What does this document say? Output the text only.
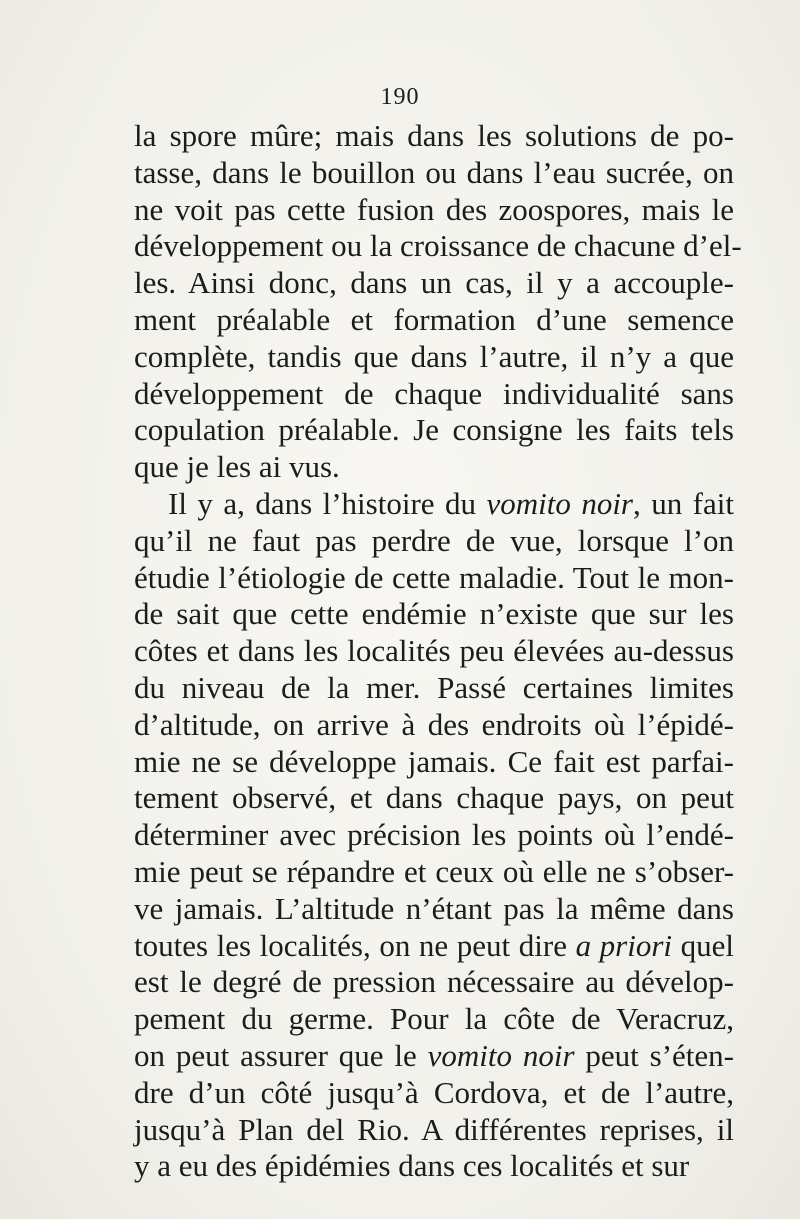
190
la spore mûre; mais dans les solutions de po-
tasse, dans le bouillon ou dans l’eau sucrée, on
ne voit pas cette fusion des zoospores, mais le
développement ou la croissance de chacune d’el-
les. Ainsi donc, dans un cas, il y a accouple-
ment préalable et formation d’une semence
complète, tandis que dans l’autre, il n’y a que
développement de chaque individualité sans
copulation préalable. Je consigne les faits tels
que je les ai vus.
Il y a, dans l’histoire du vomito noir, un fait
qu’il ne faut pas perdre de vue, lorsque l’on
étudie l’étiologie de cette maladie. Tout le mon-
de sait que cette endémie n’existe que sur les
côtes et dans les localités peu élevées au-dessus
du niveau de la mer. Passé certaines limites
d’altitude, on arrive à des endroits où l’épidé-
mie ne se développe jamais. Ce fait est parfai-
tement observé, et dans chaque pays, on peut
déterminer avec précision les points où l’endé-
mie peut se répandre et ceux où elle ne s’obser-
ve jamais. L’altitude n’étant pas la même dans
toutes les localités, on ne peut dire a priori quel
est le degré de pression nécessaire au dévelop-
pement du germe. Pour la côte de Veracruz,
on peut assurer que le vomito noir peut s’éten-
dre d’un côté jusqu’à Cordova, et de l’autre,
jusqu’à Plan del Rio. A différentes reprises, il
y a eu des épidémies dans ces localités et sur
